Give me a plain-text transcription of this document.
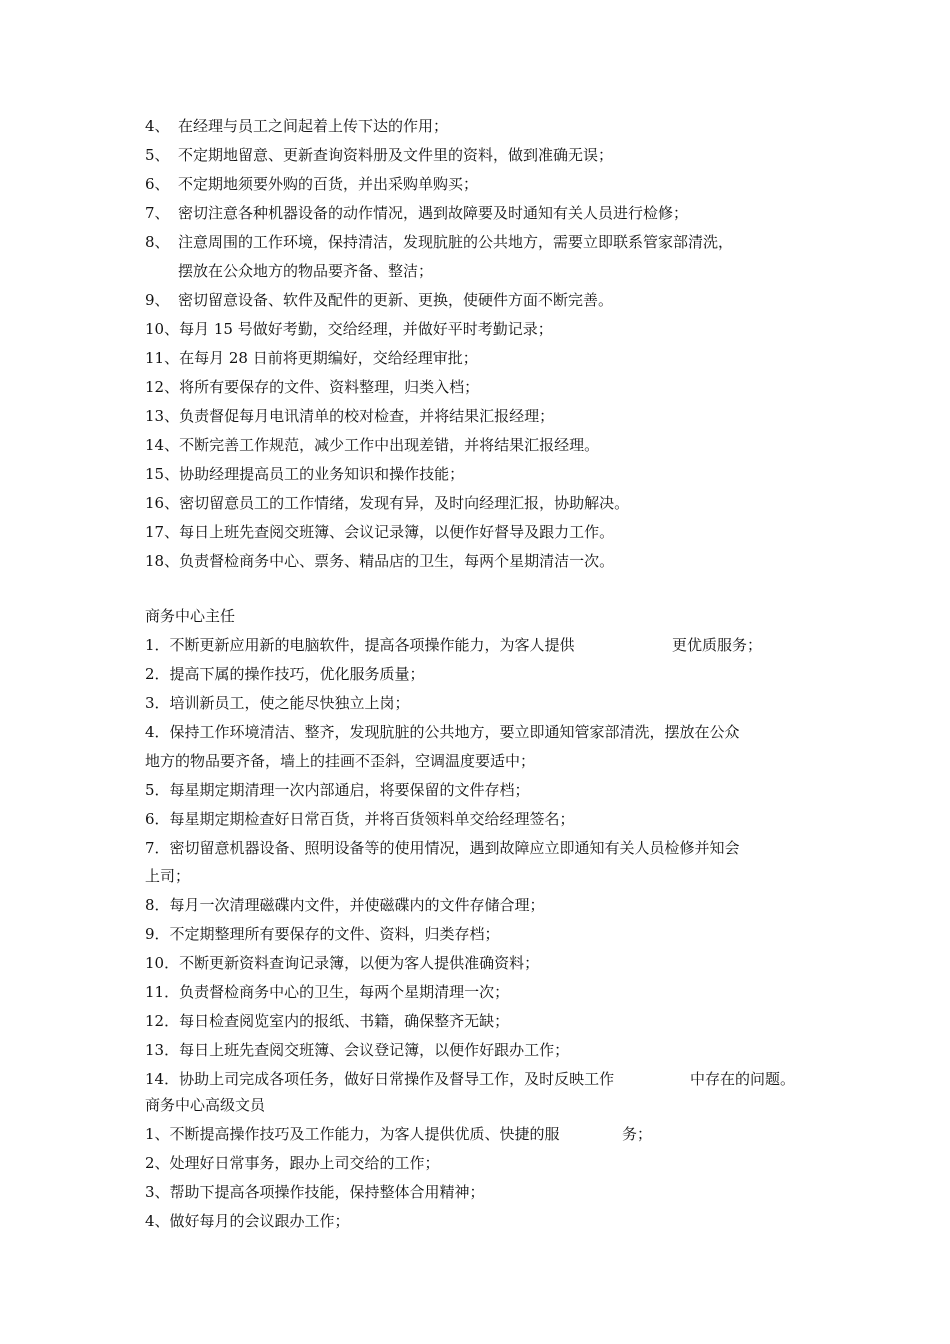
4、 在经理与员工之间起着上传下达的作用；
5、 不定期地留意、更新查询资料册及文件里的资料，做到准确无误；
6、 不定期地须要外购的百货，并出采购单购买；
7、 密切注意各种机器设备的动作情况，遇到故障要及时通知有关人员进行检修；
8、 注意周围的工作环境，保持清洁，发现肮脏的公共地方，需要立即联系管家部清洗，
摆放在公众地方的物品要齐备、整洁；
9、 密切留意设备、软件及配件的更新、更换，使硬件方面不断完善。
10、每月 15 号做好考勤，交给经理，并做好平时考勤记录；
11、在每月 28 日前将更期编好，交给经理审批；
12、将所有要保存的文件、资料整理，归类入档；
13、负责督促每月电讯清单的校对检查，并将结果汇报经理；
14、不断完善工作规范，减少工作中出现差错，并将结果汇报经理。
15、协助经理提高员工的业务知识和操作技能；
16、密切留意员工的工作情绪，发现有异，及时向经理汇报，协助解决。
17、每日上班先查阅交班簿、会议记录簿，以便作好督导及跟力工作。
18、负责督检商务中心、票务、精品店的卫生，每两个星期清洁一次。
商务中心主任
1．不断更新应用新的电脑软件，提高各项操作能力，为客人提供	更优质服务；
2．提高下属的操作技巧，优化服务质量；
3．培训新员工，使之能尽快独立上岗；
4．保持工作环境清洁、整齐，发现肮脏的公共地方，要立即通知管家部清洗，摆放在公众
地方的物品要齐备，墙上的挂画不歪斜，空调温度要适中；
5．每星期定期清理一次内部通启，将要保留的文件存档；
6．每星期定期检查好日常百货，并将百货领料单交给经理签名；
7．密切留意机器设备、照明设备等的使用情况，遇到故障应立即通知有关人员检修并知会
上司；
8．每月一次清理磁碟内文件，并使磁碟内的文件存储合理；
9．不定期整理所有要保存的文件、资料，归类存档；
10．不断更新资料查询记录簿，以便为客人提供准确资料；
11．负责督检商务中心的卫生，每两个星期清理一次；
12．每日检查阅览室内的报纸、书籍，确保整齐无缺；
13．每日上班先查阅交班簿、会议登记簿，以便作好跟办工作；
14．协助上司完成各项任务，做好日常操作及督导工作，及时反映工作	中存在的问题。
商务中心高级文员
1、不断提高操作技巧及工作能力，为客人提供优质、快捷的服	务；
2、处理好日常事务，跟办上司交给的工作；
3、帮助下提高各项操作技能，保持整体合用精神；
4、做好每月的会议跟办工作；
